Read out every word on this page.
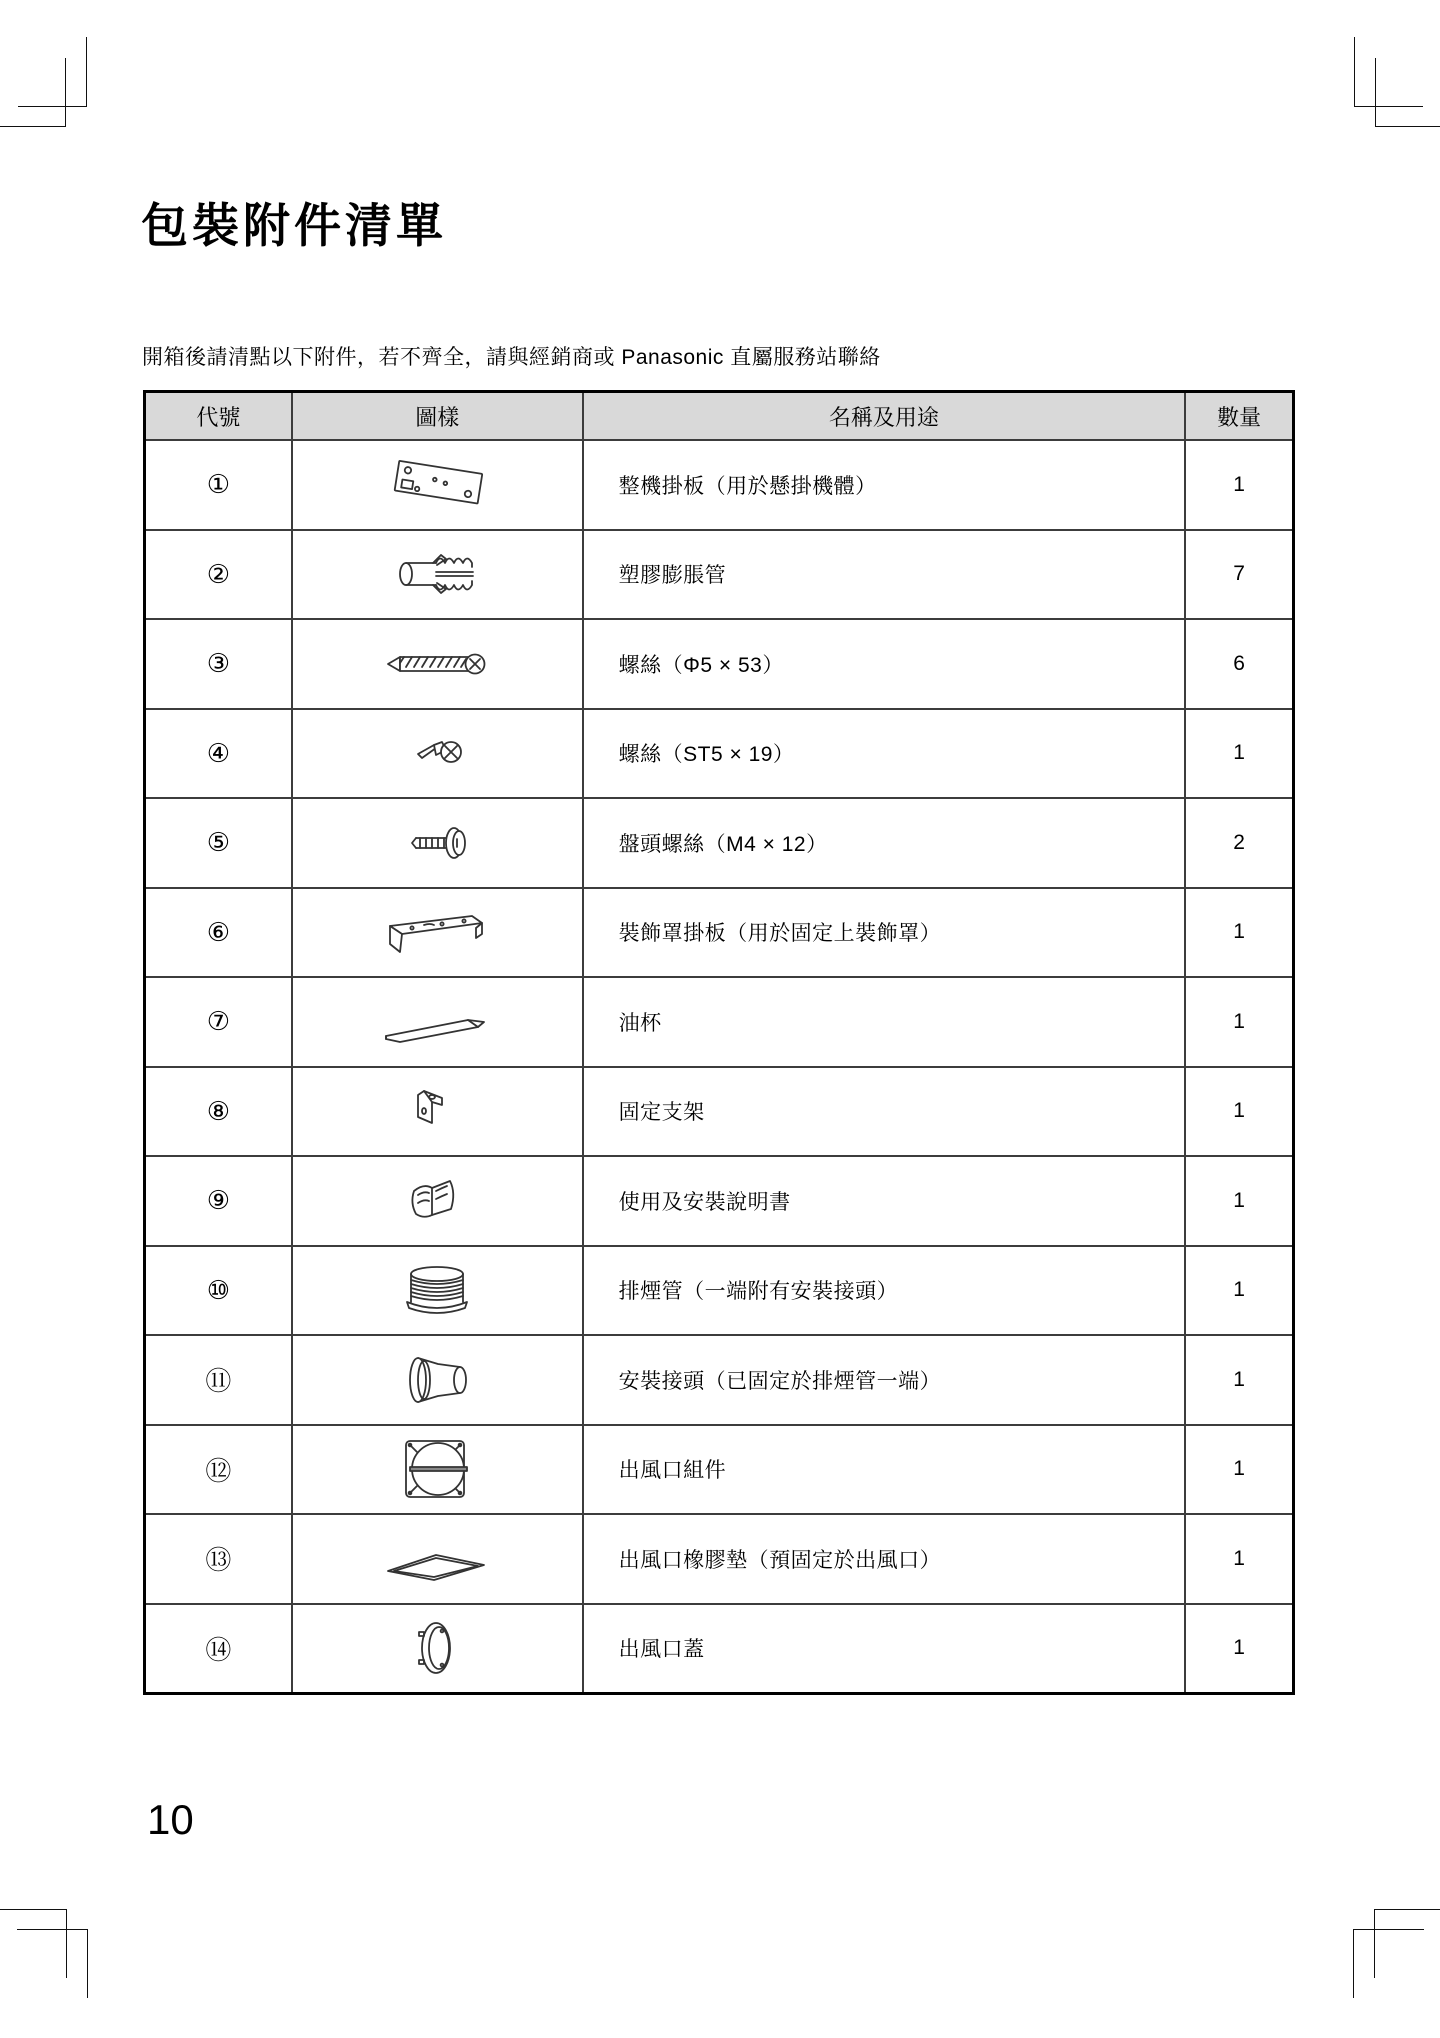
包裝附件清單
開箱後請清點以下附件，若不齊全，請與經銷商或 Panasonic 直屬服務站聯絡
代號	圖樣	名稱及用途	數量
①		整機掛板（用於懸掛機體）	1
②		塑膠膨脹管	7
③		螺絲（Φ5 × 53）	6
④		螺絲（ST5 × 19）	1
⑤		盤頭螺絲（M4 × 12）	2
⑥		裝飾罩掛板（用於固定上裝飾罩）	1
⑦		油杯	1
⑧		固定支架	1
⑨		使用及安裝說明書	1
⑩		排煙管（一端附有安裝接頭）	1
⑪		安裝接頭（已固定於排煙管一端）	1
⑫		出風口組件	1
⑬		出風口橡膠墊（預固定於出風口）	1
⑭		出風口蓋	1
10
